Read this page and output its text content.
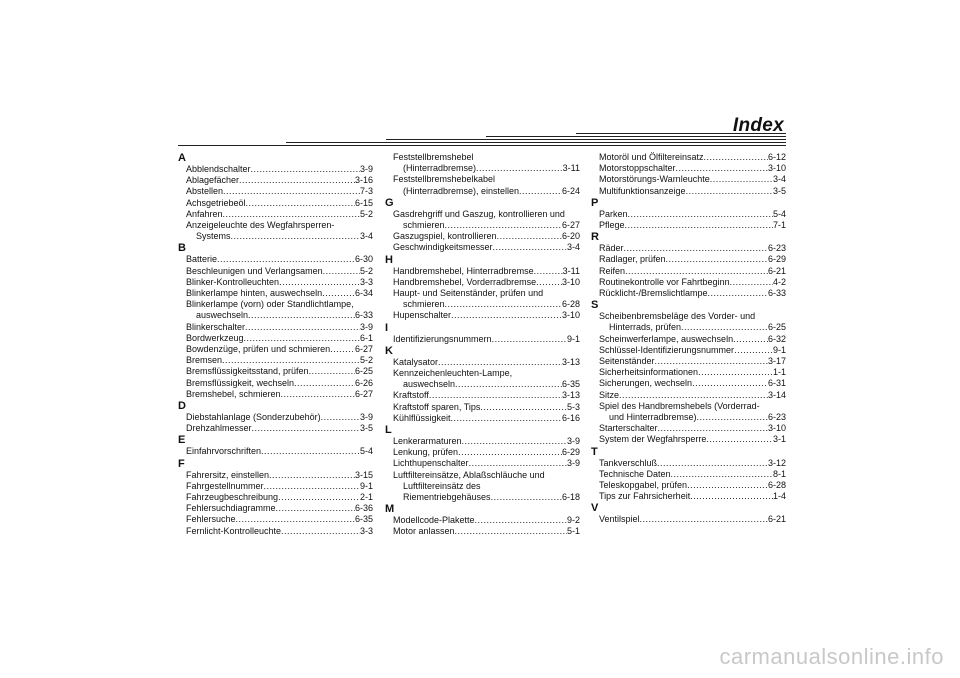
Index
A
Abblendschalter .....	3-9
Ablagefächer .....	3-16
Abstellen .....	7-3
Achsgetriebeöl .....	6-15
Anfahren .....	5-2
Anzeigeleuchte des Wegfahrsperren-
Systems .....	3-4
B
Batterie .....	6-30
Beschleunigen und Verlangsamen .....	5-2
Blinker-Kontrolleuchten .....	3-3
Blinkerlampe hinten, auswechseln .....	6-34
Blinkerlampe (vorn) oder Standlichtlampe,
auswechseln .....	6-33
Blinkerschalter .....	3-9
Bordwerkzeug .....	6-1
Bowdenzüge, prüfen und schmieren .....	6-27
Bremsen .....	5-2
Bremsflüssigkeitsstand, prüfen .....	6-25
Bremsflüssigkeit, wechseln .....	6-26
Bremshebel, schmieren .....	6-27
D
Diebstahlanlage (Sonderzubehör) .....	3-9
Drehzahlmesser .....	3-5
E
Einfahrvorschriften .....	5-4
F
Fahrersitz, einstellen .....	3-15
Fahrgestellnummer .....	9-1
Fahrzeugbeschreibung .....	2-1
Fehlersuchdiagramme .....	6-36
Fehlersuche .....	6-35
Fernlicht-Kontrolleuchte .....	3-3
Feststellbremshebel
(Hinterradbremse) .....	3-11
Feststellbremshebelkabel
(Hinterradbremse), einstellen .....	6-24
G
Gasdrehgriff und Gaszug, kontrollieren und
schmieren .....	6-27
Gaszugspiel, kontrollieren .....	6-20
Geschwindigkeitsmesser .....	3-4
H
Handbremshebel, Hinterradbremse .....	3-11
Handbremshebel, Vorderradbremse .....	3-10
Haupt- und Seitenständer, prüfen und
schmieren .....	6-28
Hupenschalter .....	3-10
I
Identifizierungsnummern .....	9-1
K
Katalysator .....	3-13
Kennzeichenleuchten-Lampe,
auswechseln .....	6-35
Kraftstoff .....	3-13
Kraftstoff sparen, Tips .....	5-3
Kühlflüssigkeit .....	6-16
L
Lenkerarmaturen .....	3-9
Lenkung, prüfen .....	6-29
Lichthupenschalter .....	3-9
Luftfiltereinsätze, Ablaßschläuche und
Luftfiltereinsätz des
Riementriebgehäuses .....	6-18
M
Modellcode-Plakette .....	9-2
Motor anlassen .....	5-1
Motoröl und Ölfiltereinsatz .....	6-12
Motorstoppschalter .....	3-10
Motorstörungs-Warnleuchte .....	3-4
Multifunktionsanzeige .....	3-5
P
Parken .....	5-4
Pflege .....	7-1
R
Räder .....	6-23
Radlager, prüfen .....	6-29
Reifen .....	6-21
Routinekontrolle vor Fahrtbeginn .....	4-2
Rücklicht-/Bremslichtlampe .....	6-33
S
Scheibenbremsbeläge des Vorder- und
Hinterrads, prüfen .....	6-25
Scheinwerferlampe, auswechseln .....	6-32
Schlüssel-Identifizierungsnummer .....	9-1
Seitenständer .....	3-17
Sicherheitsinformationen .....	1-1
Sicherungen, wechseln .....	6-31
Sitze .....	3-14
Spiel des Handbremshebels (Vorderrad-
und Hinterradbremse) .....	6-23
Starterschalter .....	3-10
System der Wegfahrsperre .....	3-1
T
Tankverschluß .....	3-12
Technische Daten .....	8-1
Teleskopgabel, prüfen .....	6-28
Tips zur Fahrsicherheit .....	1-4
V
Ventilspiel .....	6-21
carmanualsonline.info
